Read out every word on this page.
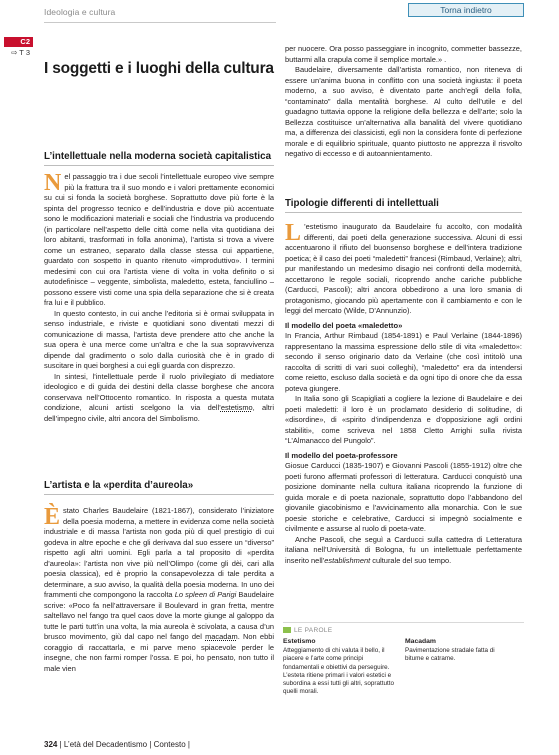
Ideologia e cultura	Torna indietro
C2
⇨ T 3
I soggetti e i luoghi della cultura
L’intellettuale nella moderna società capitalistica

Nel passaggio tra i due secoli l’intellettuale europeo vive sempre più la frattura tra il suo mondo e i valori prettamente economici su cui si fonda la società borghese. Soprattutto dove più forte è la spinta del progresso tecnico e dell’industria e dove più accentuate sono le modificazioni materiali e sociali che l’industria va producendo (in particolare nell’aspetto delle città come nella vita quotidiana dei loro abitanti, trasformati in folla anonima), l’artista si trova a vivere come un estraneo, separato dalla classe stessa cui appartiene, guardato con sospetto in quanto ritenuto «improduttivo». I termini medesimi con cui ora l’artista viene di volta in volta definito o si autodefinisce – veggente, simbolista, maledetto, esteta, fanciullino – possono essere visti come una spia della separazione che si è creata fra lui e il pubblico.

In questo contesto, in cui anche l’editoria si è ormai sviluppata in senso industriale, e riviste e quotidiani sono diventati mezzi di comunicazione di massa, l’artista deve prendere atto che anche la sua opera è una merce come un’altra e che la sua sopravvivenza dipende dal gradimento o solo dalla curiosità che è in grado di suscitare in quei borghesi a cui egli guarda con disprezzo.

In sintesi, l’intellettuale perde il ruolo privilegiato di mediatore ideologico e di guida dei destini della classe borghese che ancora conservava nell’Ottocento romantico. In risposta a questa mutata condizione, alcuni artisti scelgono la via dell’estetismo, altri dell’impegno civile, altri ancora del Simbolismo.

L’artista e la «perdita d’aureola»

Èstato Charles Baudelaire (1821-1867), considerato l’iniziatore della poesia moderna, a mettere in evidenza come nella società industriale e di massa l’artista non goda più di quel prestigio di cui godeva in altre epoche e che gli derivava dal suo essere un “diverso” rispetto agli altri uomini. Egli parla a tal proposito di «perdita d’aureola»: l’artista non vive più nell’Olimpo (come gli dèi, cari alla poesia classica), ed è proprio la consapevolezza di tale perdita a determinare, a suo avviso, la qualità della poesia moderna. In uno dei frammenti che compongono la raccolta Lo spleen di Parigi Baudelaire scrive: «Poco fa nell’attraversare il Boulevard in gran fretta, mentre saltellavo nel fango tra quel caos dove la morte giunge al galoppo da tutte le parti tutt’in una volta, la mia aureola è scivolata, a causa d’un brusco movimento, giù dal capo nel fango del macadam. Non ebbi coraggio di raccattarla, e mi parve meno spiacevole perder le insegne, che non farmi romper l’ossa. E poi, ho pensato, non tutto il male vien

per nuocere. Ora posso passeggiare in incognito, commetter bassezze, buttarmi alla crapula come il semplice mortale.» .

Baudelaire, diversamente dall’artista romantico, non riteneva di essere un’anima buona in conflitto con una società ingiusta: il poeta moderno, a suo avviso, è diventato parte anch’egli della folla, “contaminato” dalla mentalità borghese. Al culto dell’utile e del guadagno tuttavia oppone la religione della bellezza e dell’arte; solo la Bellezza costituisce un’alternativa alla banalità del vivere quotidiano ma, a differenza dei classicisti, egli non la considera fonte di perfezione morale e di equilibrio spirituale, quanto piuttosto ne apprezza il risvolto negativo di eccesso e di autoannientamento.

Tipologie differenti di intellettuali

L ’estetismo inaugurato da Baudelaire fu accolto, con modalità differenti, dai poeti della generazione successiva. Alcuni di essi accentuarono il rifiuto del buonsenso borghese e dell’intera tradizione poetica; è il caso dei poeti “maledetti” francesi (Rimbaud, Verlaine); altri, pur manifestando un medesimo disagio nei confronti della modernità, accettarono le regole sociali, ricoprendo anche cariche pubbliche (Carducci, Pascoli); altri ancora obbedirono a una loro smania di protagonismo, giocando più apertamente con il cambiamento e con le leggi del mercato (Wilde, D’Annunzio).

Il modello del poeta «maledetto»

In Francia, Arthur Rimbaud (1854-1891) e Paul Verlaine (1844-1896) rappresentano la massima espressione dello stile di vita «maledetto»: secondo il senso originario dato da Verlaine (che così intitolò una raccolta di scritti di vari suoi colleghi), “maledetto” era da intendersi come reietto, escluso dalla società e da ogni tipo di onore che da essa poteva giungere.

In Italia sono gli Scapigliati a cogliere la lezione di Baudelaire e dei poeti maledetti: il loro è un proclamato desiderio di solitudine, di «disordine», di «spirito d’indipendenza e d’opposizione agli ordini stabiliti», come scriveva nel 1858 Cletto Arrighi sulla rivista “L’Almanacco del Pungolo”.

Il modello del poeta-professore

Giosue Carducci (1835-1907) e Giovanni Pascoli (1855-1912) oltre che poeti furono affermati professori di letteratura. Carducci conquistò una posizione dominante nella cultura italiana ricoprendo la funzione di guida morale e di poeta nazionale, soprattutto dopo l’abbandono del giovanile giacobinismo e l’avvicinamento alla monarchia. Con le sue poesie storiche e celebrative, Carducci si impegnò socialmente e civilmente e assurse al ruolo di poeta-vate.

Anche Pascoli, che seguì a Carducci sulla cattedra di Letteratura italiana nell’Università di Bologna, fu un intellettuale perfettamente inserito nell’establishment culturale del suo tempo.

LE PAROLE
Estetismo
Atteggiamento di chi valuta il bello, il piacere e l’arte come principi fondamentali e obiettivi da perseguire. L’esteta ritiene primari i valori estetici e subordina a essi tutti gli altri, soprattutto quelli morali.
Macadam
Pavimentazione stradale fatta di bitume e catrame.
324 | L’età del Decadentismo | Contesto |
